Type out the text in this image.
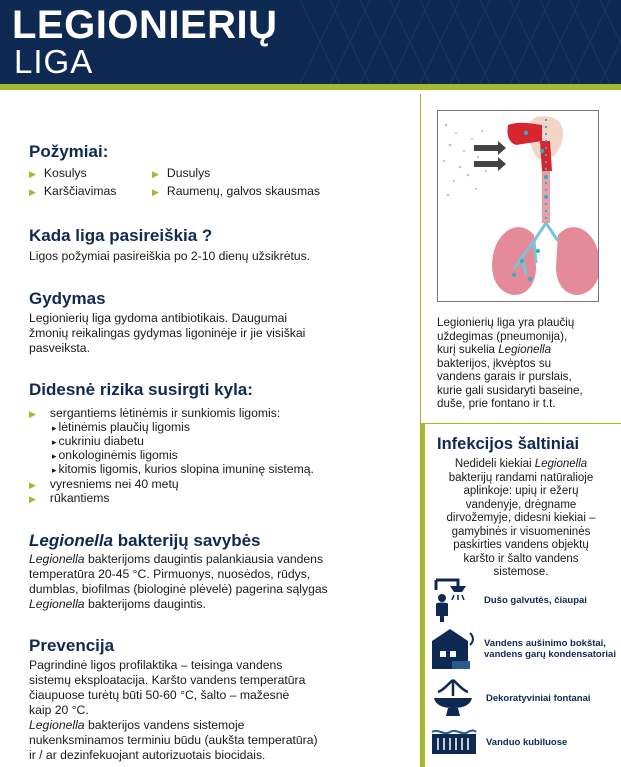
LEGIONIERIŲ
LIGA
Požymiai:
▶ Kosulys
▶ Karščiavimas
▶ Dusulys
▶ Raumenų, galvos skausmas
Kada liga pasireiškia ?
Ligos požymiai pasireiškia po 2-10 dienų užsikrėtus.
Gydymas
Legionierių liga gydoma antibiotikais. Daugumai
žmonių reikalingas gydymas ligoninėje ir jie visiškai
pasveiksta.
Didesnė rizika susirgti kyla:
▶ sergantiems lėtinėmis ir sunkiomis ligomis:
▸ lėtinėmis plaučių ligomis
▸ cukriniu diabetu
▸ onkologinėmis ligomis
▸ kitomis ligomis, kurios slopina imuninę sistemą.
▶ vyresniems nei 40 metų
▶ rūkantiems
Legionella bakterijų savybės
Legionella bakterijoms daugintis palankiausia vandens
temperatūra 20-45 °C. Pirmuonys, nuosėdos, rūdys,
dumblas, biofilmas (biologinė plėvelė) pagerina sąlygas
Legionella bakterijoms daugintis.
Prevencija
Pagrindinė ligos profilaktika – teisinga vandens
sistemų eksploatacija. Karšto vandens temperatūra
čiaupuose turėtų būti 50-60 °C, šalto – mažesnė
kaip 20 °C.
Legionella bakterijos vandens sistemoje
nukenksminamos terminiu būdu (aukšta temperatūra)
ir / ar dezinfekuojant autorizuotais biocidais.
Legionierių liga yra plaučių
uždegimas (pneumonija),
kurį sukelia Legionella
bakterijos, įkvėptos su
vandens garais ir purslais,
kurie gali susidaryti baseine,
duše, prie fontano ir t.t.
Infekcijos šaltiniai
Nedideli kiekiai Legionella
bakterijų randami natūralioje
aplinkoje: upių ir ežerų
vandenyje, drėgname
dirvožemyje, didesni kiekiai –
gamybinės ir visuomeninės
paskirties vandens objektų
karšto ir šalto vandens
sistemose.
Dušo galvutės, čiaupai
Vandens aušinimo bokštai,
vandens garų kondensatoriai
Dekoratyviniai fontanai
Vanduo kubiluose
